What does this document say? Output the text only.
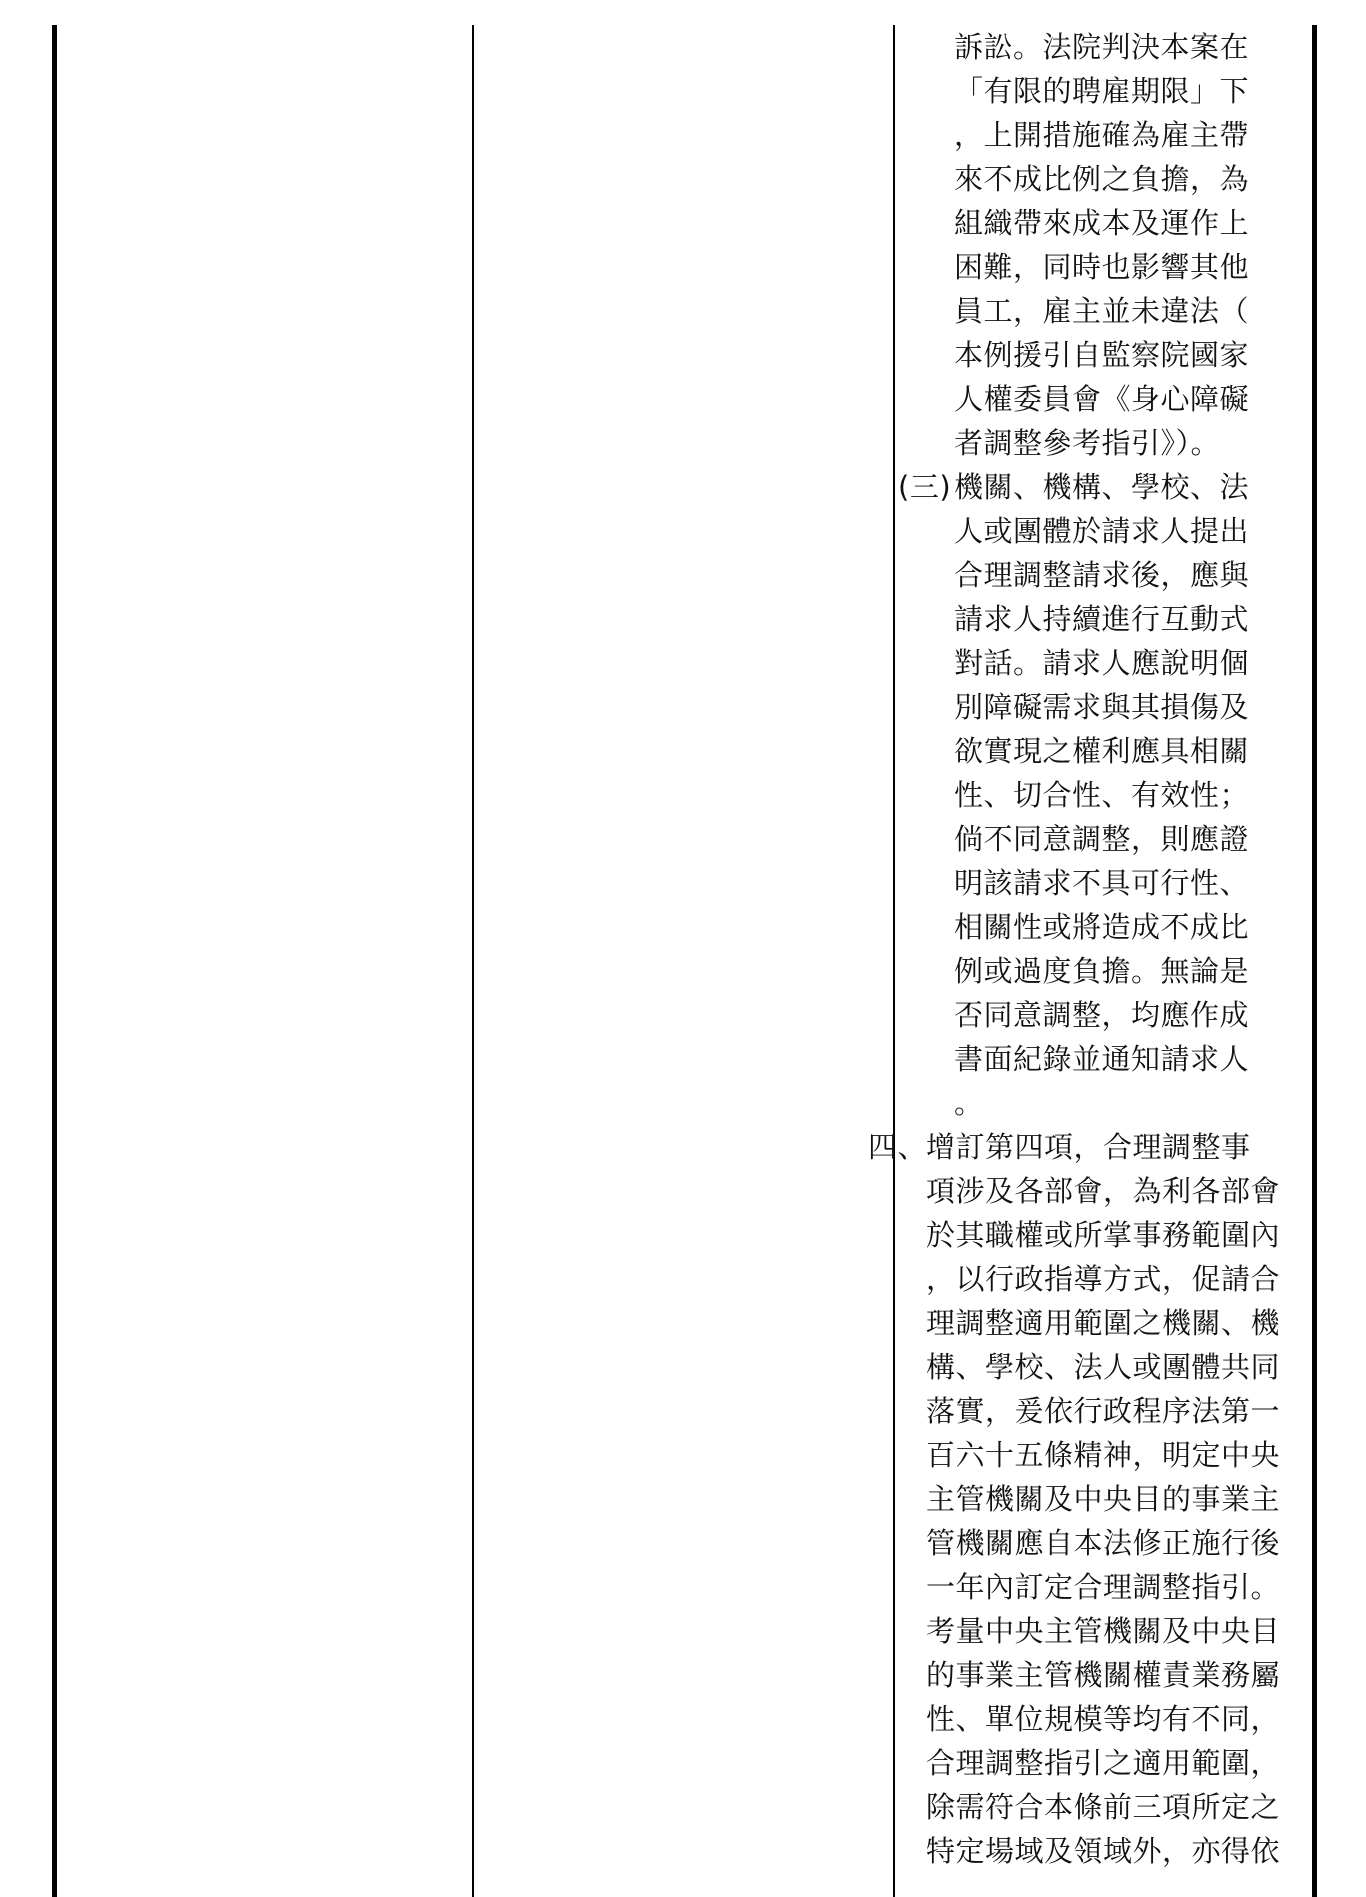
訴訟。法院判決本案在
「有限的聘雇期限」下
，上開措施確為雇主帶
來不成比例之負擔，為
組織帶來成本及運作上
困難，同時也影響其他
員工，雇主並未違法（
本例援引自監察院國家
人權委員會《身心障礙
者調整參考指引》）。
(三) 機關、機構、學校、法
人或團體於請求人提出
合理調整請求後，應與
請求人持續進行互動式
對話。請求人應說明個
別障礙需求與其損傷及
欲實現之權利應具相關
性、切合性、有效性；
倘不同意調整，則應證
明該請求不具可行性、
相關性或將造成不成比
例或過度負擔。無論是
否同意調整，均應作成
書面紀錄並通知請求人
。
四、
增訂第四項，合理調整事
項涉及各部會，為利各部會
於其職權或所掌事務範圍內
，以行政指導方式，促請合
理調整適用範圍之機關、機
構、學校、法人或團體共同
落實，爰依行政程序法第一
百六十五條精神，明定中央
主管機關及中央目的事業主
管機關應自本法修正施行後
一年內訂定合理調整指引。
考量中央主管機關及中央目
的事業主管機關權責業務屬
性、單位規模等均有不同，
合理調整指引之適用範圍，
除需符合本條前三項所定之
特定場域及領域外，亦得依
